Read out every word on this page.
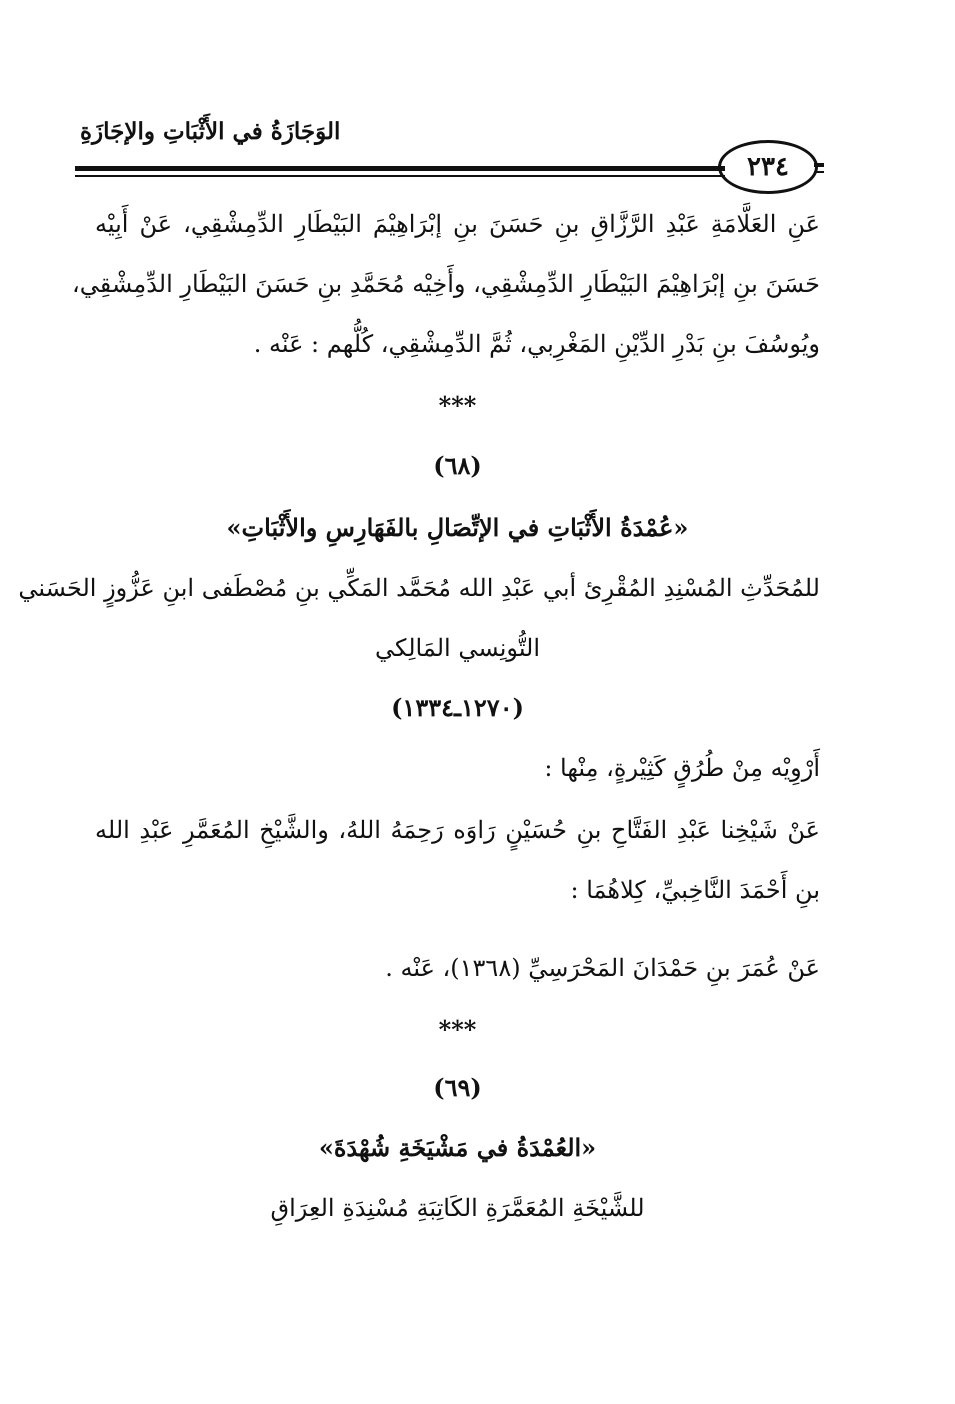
الوَجَازَةُ في الأَثْبَاتِ والإجَازَةِ
٢٣٤
عَنِ العَلَّامَةِ عَبْدِ الرَّزَّاقِ بنِ حَسَنَ بنِ إبْرَاهِيْمَ البَيْطَارِ الدِّمِشْقِي، عَنْ أَبِيْه
حَسَنَ بنِ إبْرَاهِيْمَ البَيْطَارِ الدِّمِشْقِي، وأَخِيْه مُحَمَّدِ بنِ حَسَنَ البَيْطَارِ الدِّمِشْقِي،
ويُوسُفَ بنِ بَدْرِ الدِّيْنِ المَغْرِبي، ثُمَّ الدِّمِشْقِي، كُلُّهم : عَنْه .
***
(٦٨)
«عُمْدَةُ الأَثْبَاتِ في الإتِّصَالِ بالفَهَارِسِ والأَثْبَاتِ»
للمُحَدِّثِ المُسْنِدِ المُقْرِئ أبي عَبْدِ الله مُحَمَّد المَكِّي بنِ مُصْطَفى ابنِ عَزُّوزٍ الحَسَني
التُّونِسي المَالِكي
(١٢٧٠ـ١٣٣٤)
أَرْوِيْه مِنْ طُرُقٍ كَثِيْرةٍ، مِنْها :
عَنْ شَيْخِنا عَبْدِ الفَتَّاحِ بنِ حُسَيْنٍ رَاوَه رَحِمَهُ اللهُ، والشَّيْخِ المُعَمَّرِ عَبْدِ الله
بنِ أَحْمَدَ النَّاخِبيِّ، كِلاهُمَا :
عَنْ عُمَرَ بنِ حَمْدَانَ المَحْرَسِيِّ (١٣٦٨)، عَنْه .
***
(٦٩)
«العُمْدَةُ في مَشْيَخَةِ شُهْدَةَ»
للشَّيْخَةِ المُعَمَّرَةِ الكَاتِبَةِ مُسْنِدَةِ العِرَاقِ
